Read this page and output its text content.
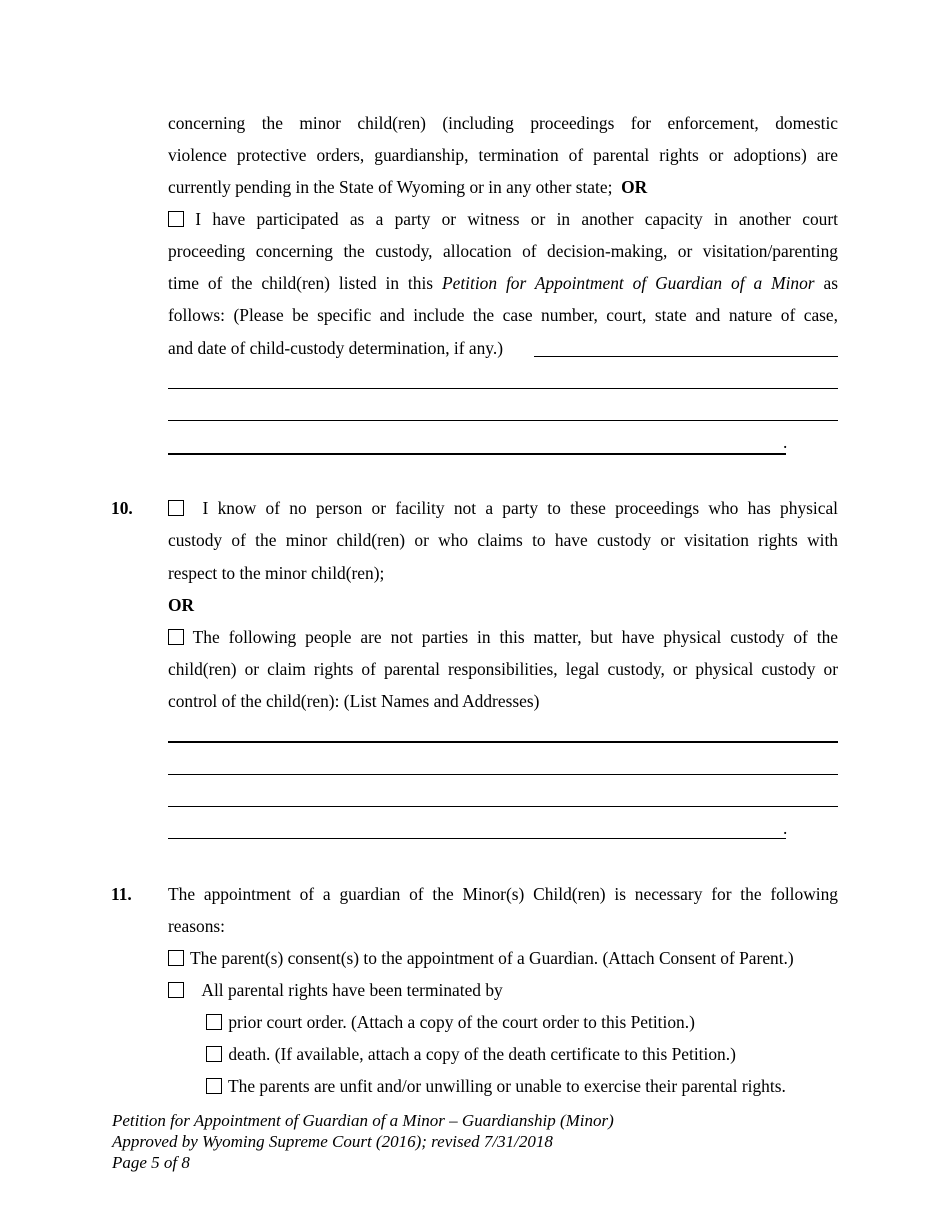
concerning the minor child(ren) (including proceedings for enforcement, domestic
violence protective orders, guardianship, termination of parental rights or adoptions) are
currently pending in the State of Wyoming or in any other state; OR
I have participated as a party or witness or in another capacity in another court
proceeding concerning the custody, allocation of decision-making, or visitation/parenting
time of the child(ren) listed in this Petition for Appointment of Guardian of a Minor as
follows: (Please be specific and include the case number, court, state and nature of case,
and date of child-custody determination, if any.)
.
10.	I know of no person or facility not a party to these proceedings who has physical
custody of the minor child(ren) or who claims to have custody or visitation rights with
respect to the minor child(ren);
OR
The following people are not parties in this matter, but have physical custody of the
child(ren) or claim rights of parental responsibilities, legal custody, or physical custody or
control of the child(ren): (List Names and Addresses)
.
11. The appointment of a guardian of the Minor(s) Child(ren) is necessary for the following
reasons:
The parent(s) consent(s) to the appointment of a Guardian. (Attach Consent of Parent.)
All parental rights have been terminated by
prior court order. (Attach a copy of the court order to this Petition.)
death. (If available, attach a copy of the death certificate to this Petition.)
The parents are unfit and/or unwilling or unable to exercise their parental rights.
Petition for Appointment of Guardian of a Minor – Guardianship (Minor)
Approved by Wyoming Supreme Court (2016); revised 7/31/2018
Page 5 of 8
